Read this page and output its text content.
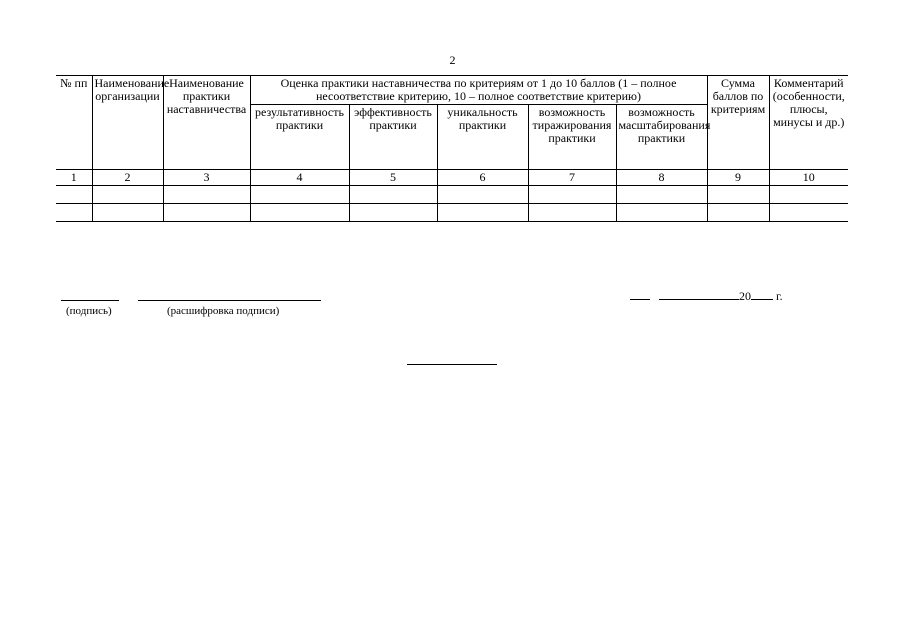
2
№ пп	Наименование организации	Наименование практики наставничества	Оценка практики наставничества по критериям от 1 до 10 баллов (1 – полное несоответствие критерию, 10 – полное соответствие критерию)					Сумма баллов по критериям	Комментарий (особенности, плюсы, минусы и др.)
			результативность практики	эффективность практики	уникальность практики	возможность тиражирования практики	возможность масштабирования практики		
1	2	3	4	5	6	7	8	9	10

(подпись)	(расшифровка подписи)
20 г.
